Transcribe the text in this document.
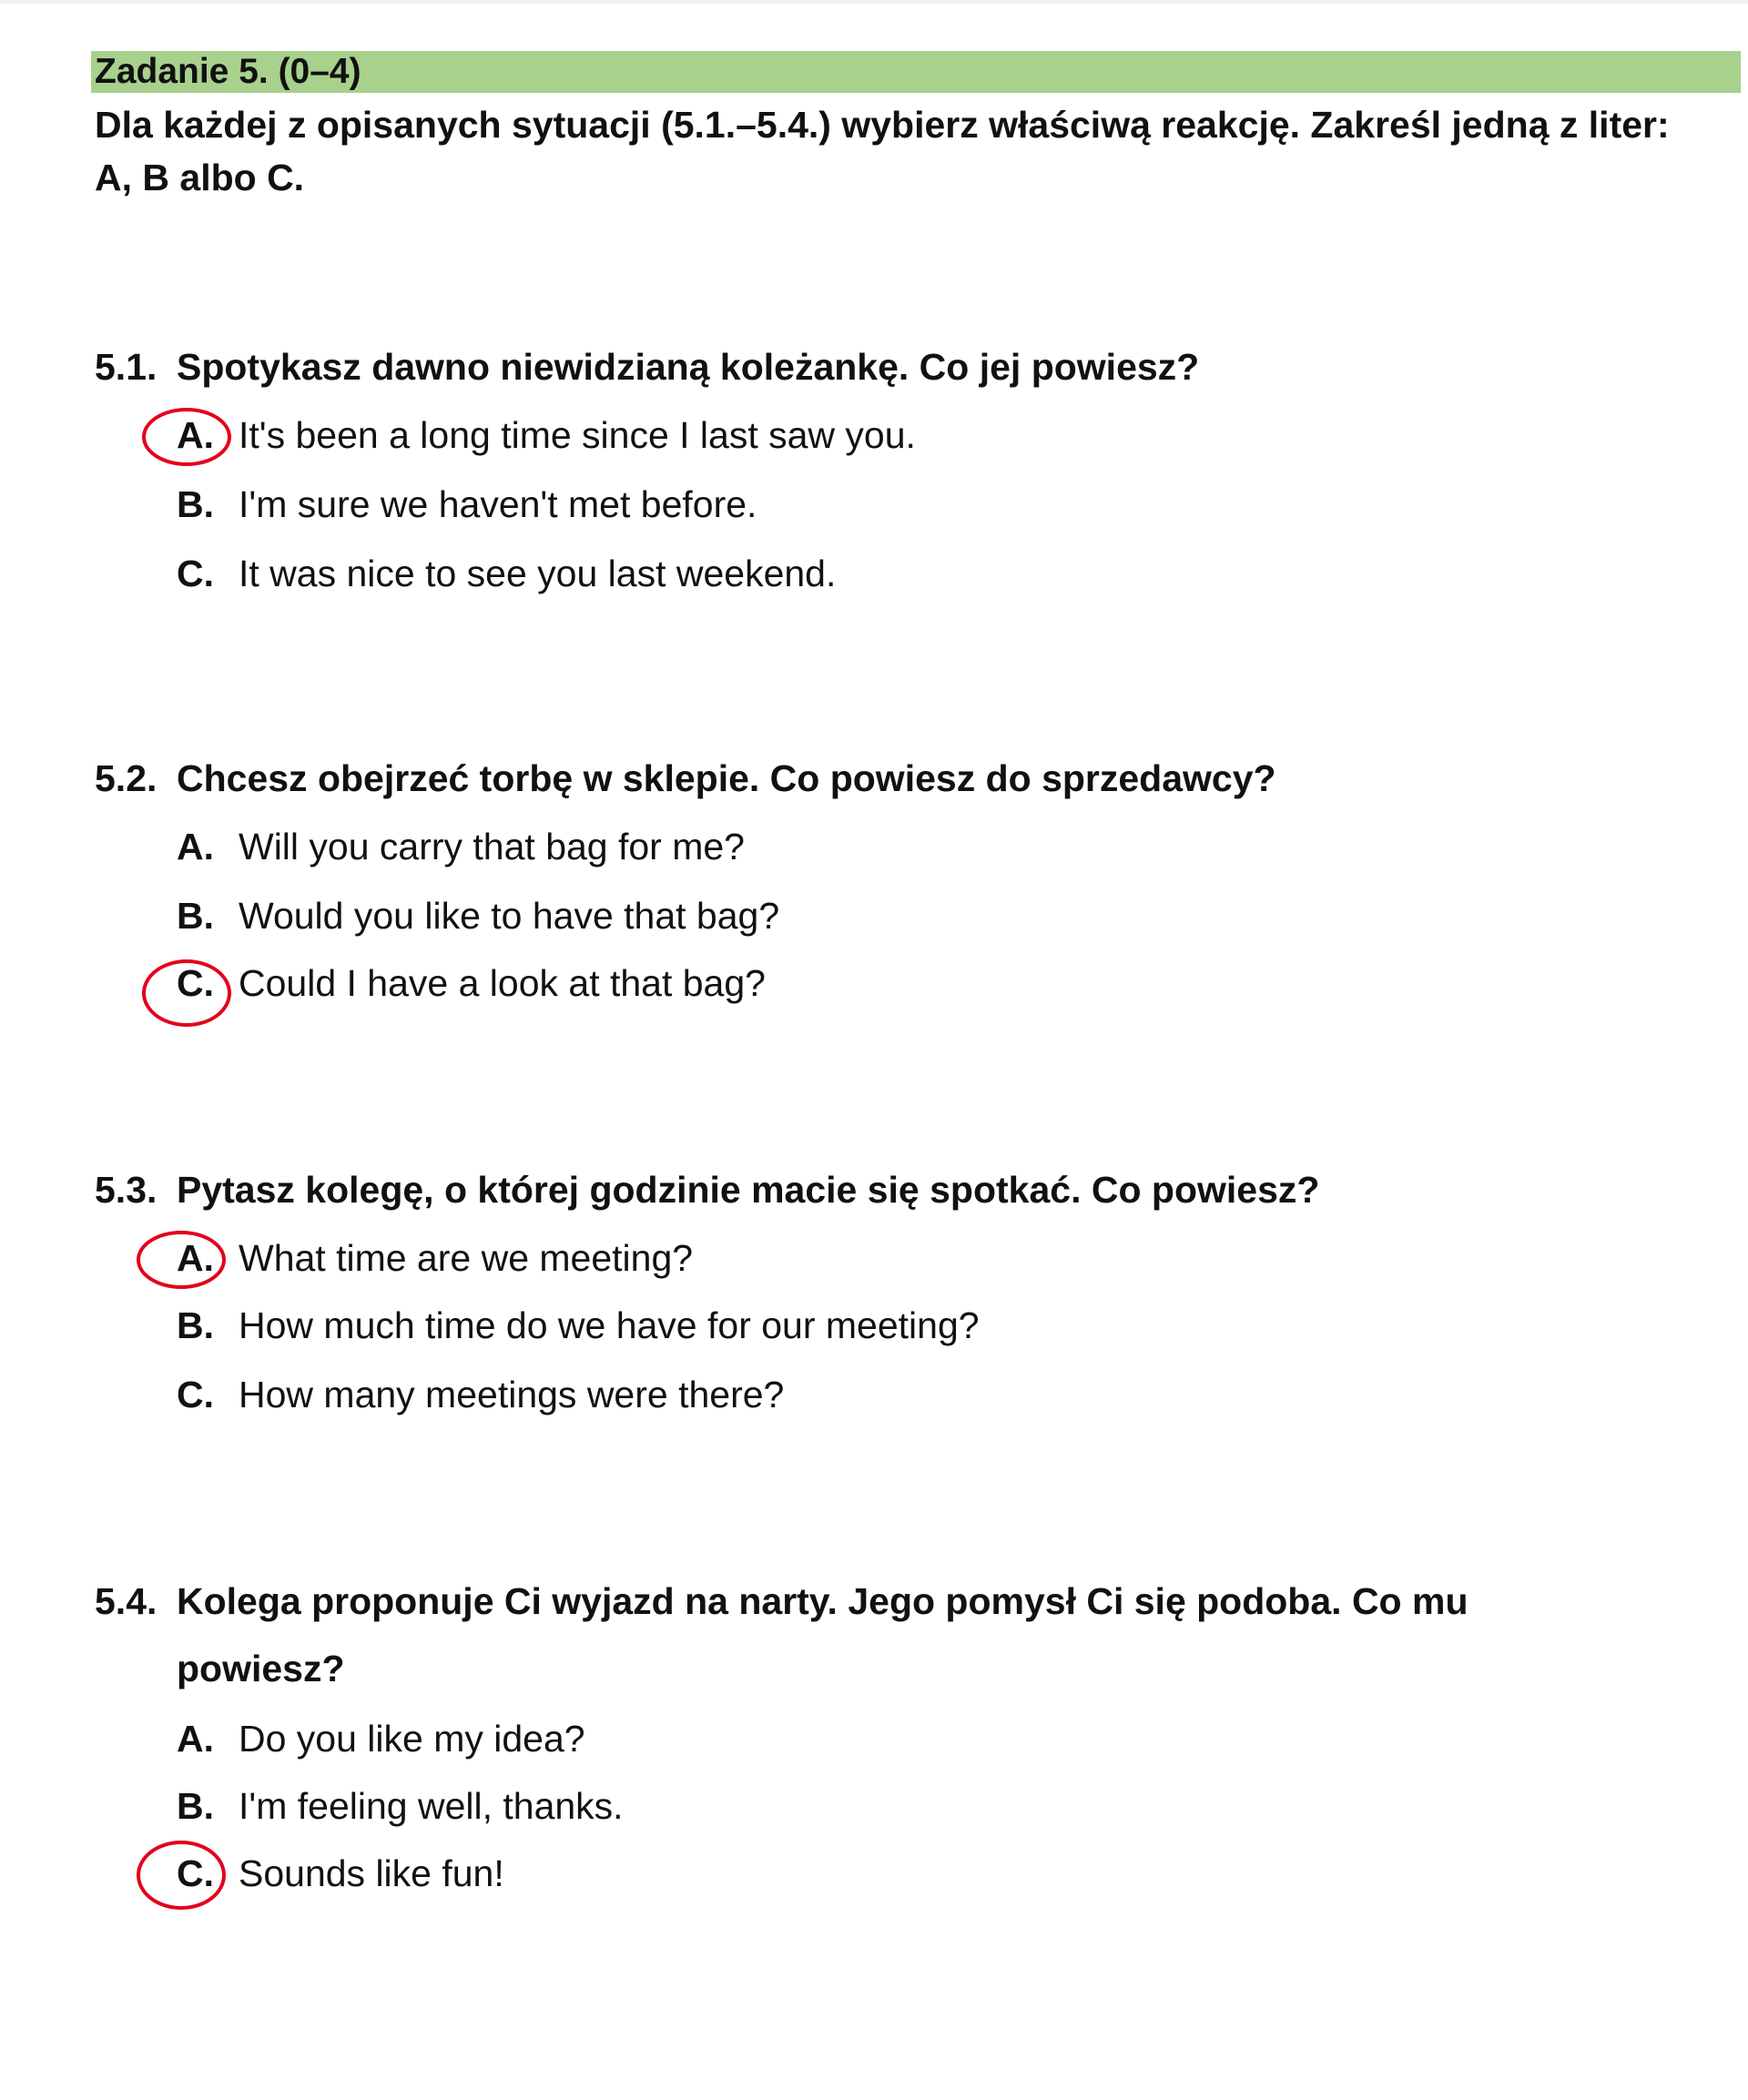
Zadanie 5. (0–4)
Dla każdej z opisanych sytuacji (5.1.–5.4.) wybierz właściwą reakcję. Zakreśl jedną z liter: A, B albo C.
5.1. Spotykasz dawno niewidzianą koleżankę. Co jej powiesz?
A. It's been a long time since I last saw you.
B. I'm sure we haven't met before.
C. It was nice to see you last weekend.
5.2. Chcesz obejrzeć torbę w sklepie. Co powiesz do sprzedawcy?
A. Will you carry that bag for me?
B. Would you like to have that bag?
C. Could I have a look at that bag?
5.3. Pytasz kolegę, o której godzinie macie się spotkać. Co powiesz?
A. What time are we meeting?
B. How much time do we have for our meeting?
C. How many meetings were there?
5.4. Kolega proponuje Ci wyjazd na narty. Jego pomysł Ci się podoba. Co mu powiesz?
A. Do you like my idea?
B. I'm feeling well, thanks.
C. Sounds like fun!
